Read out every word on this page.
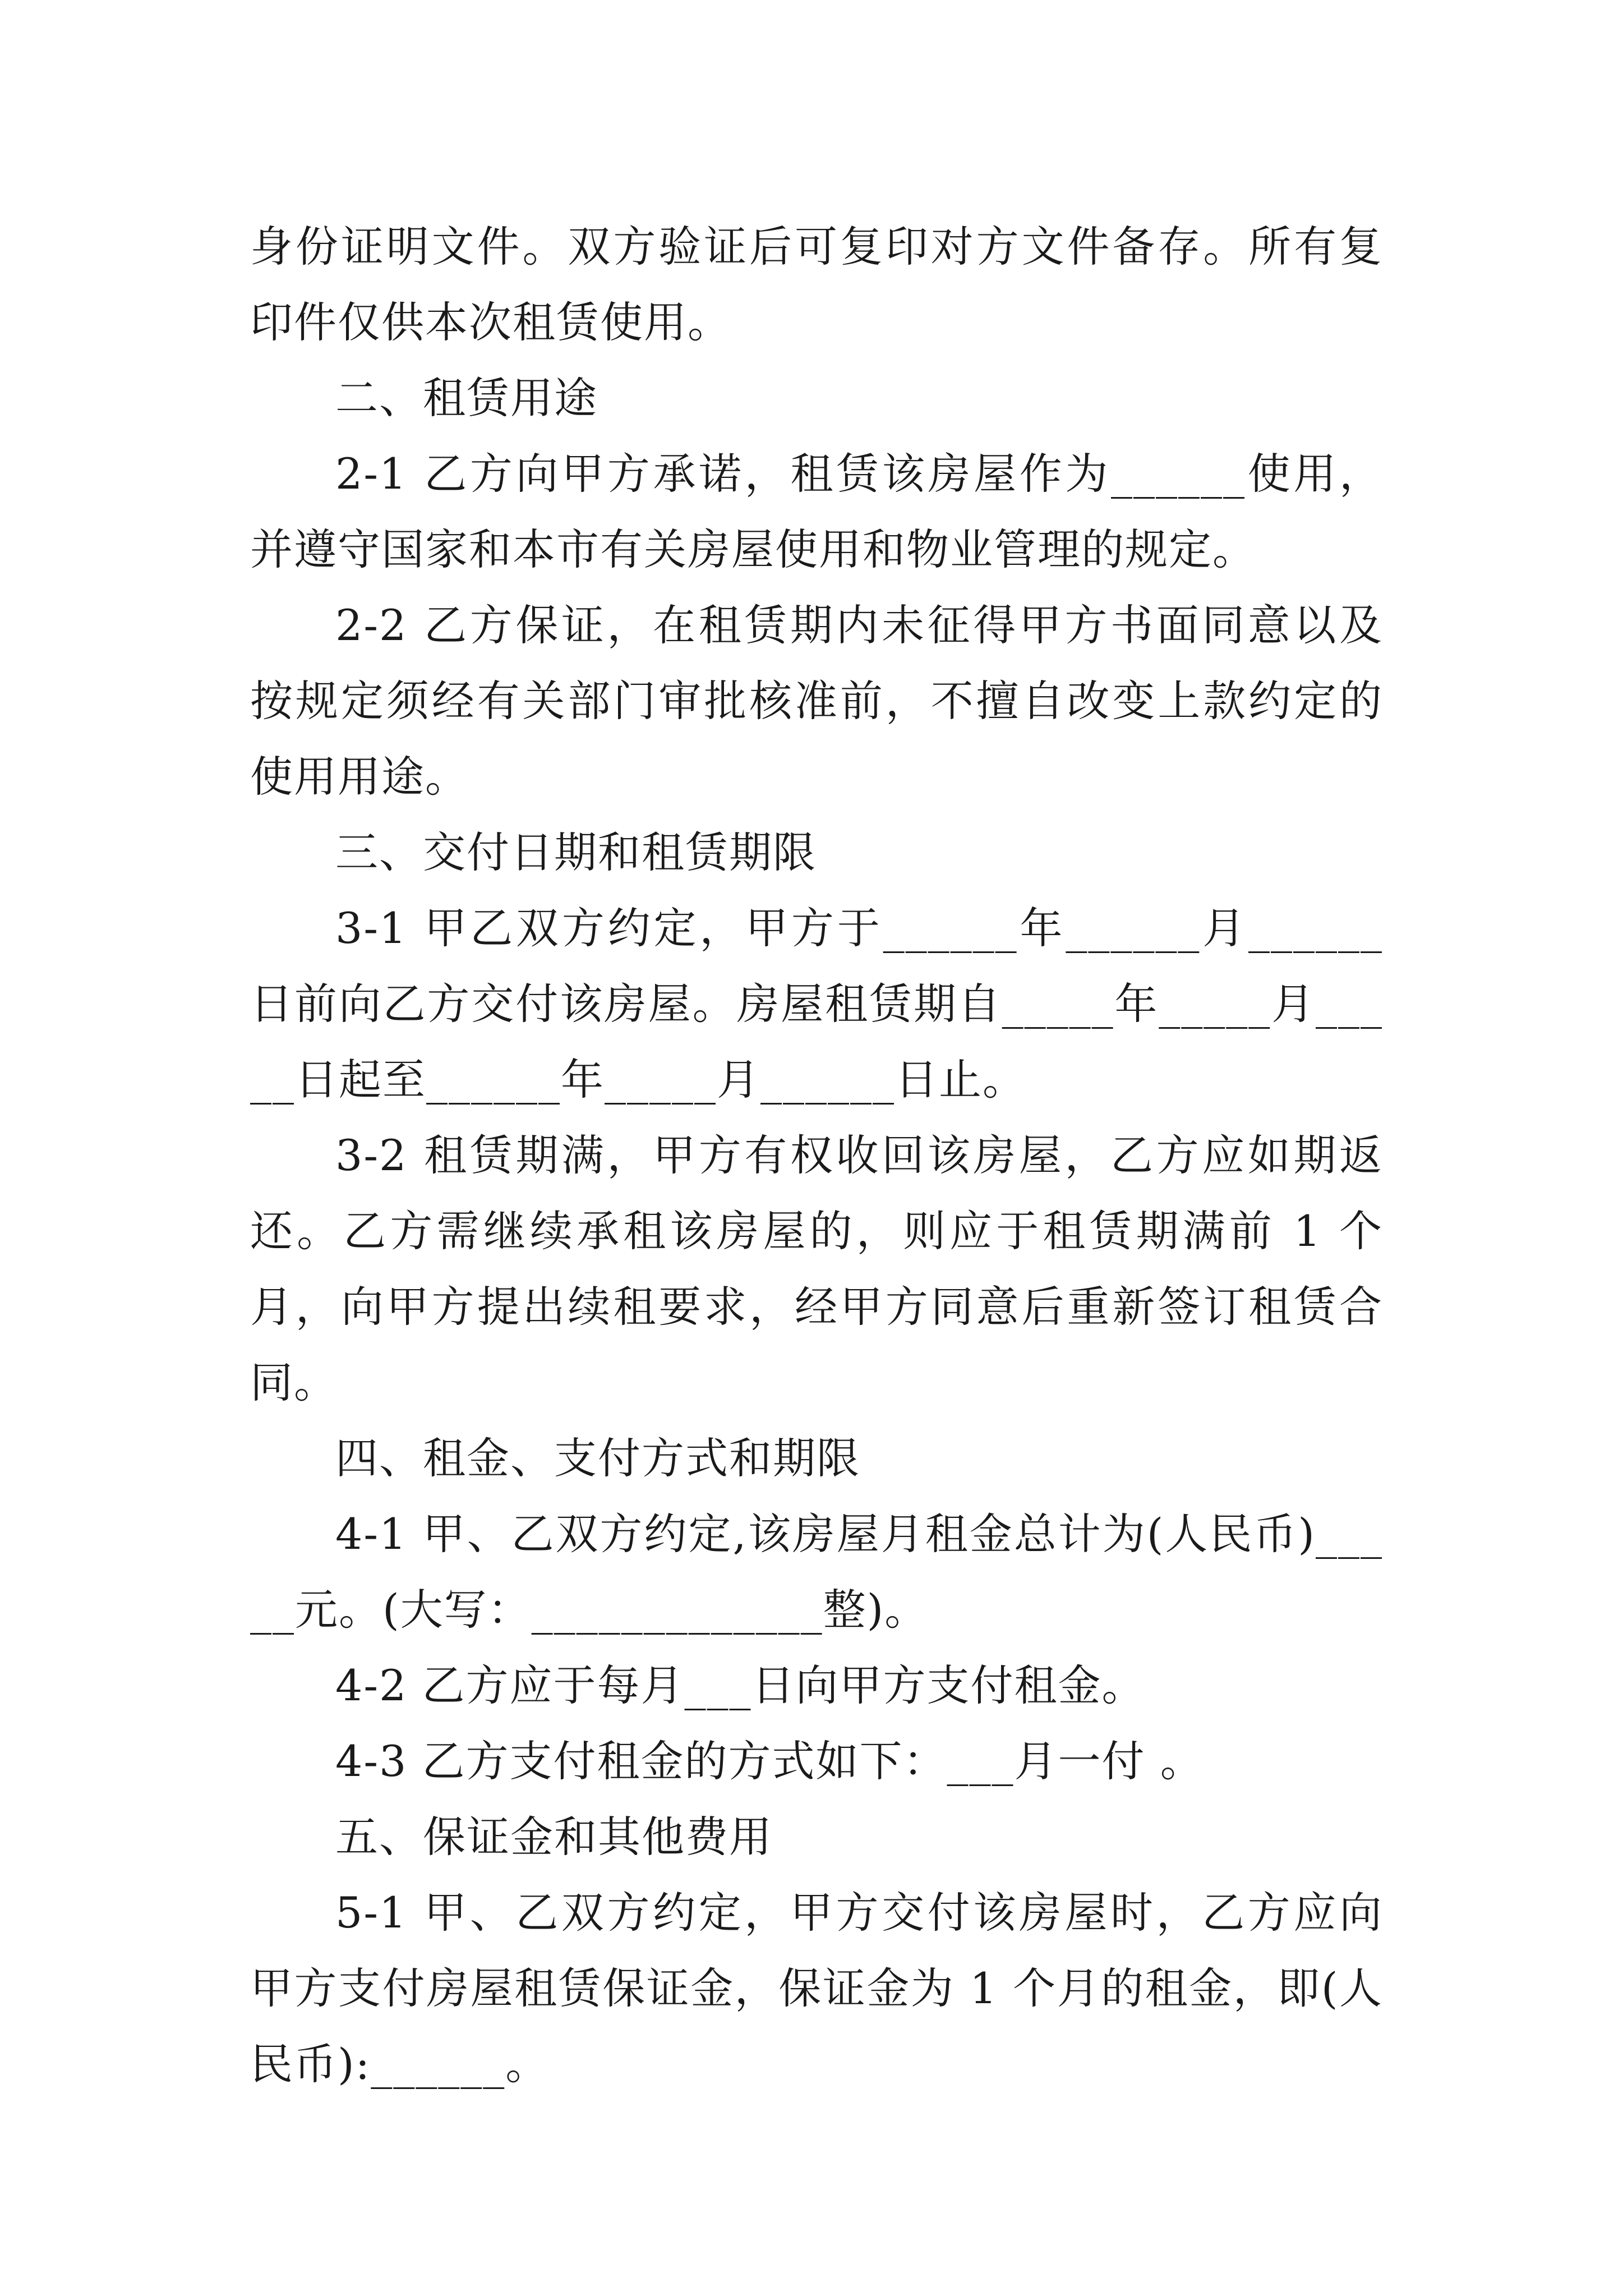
身份证明文件。双方验证后可复印对方文件备存。所有复印件仅供本次租赁使用。

二、租赁用途

2-1 乙方向甲方承诺，租赁该房屋作为______使用，并遵守国家和本市有关房屋使用和物业管理的规定。

2-2 乙方保证，在租赁期内未征得甲方书面同意以及按规定须经有关部门审批核准前，不擅自改变上款约定的使用用途。

三、交付日期和租赁期限

3-1 甲乙双方约定，甲方于______年______月______日前向乙方交付该房屋。房屋租赁期自_____年_____月_____日起至______年_____月______日止。

3-2 租赁期满，甲方有权收回该房屋，乙方应如期返还。乙方需继续承租该房屋的，则应于租赁期满前 1 个月，向甲方提出续租要求，经甲方同意后重新签订租赁合同。

四、租金、支付方式和期限

4-1 甲、乙双方约定,该房屋月租金总计为(人民币)_____元。(大写：_____________整)。

4-2 乙方应于每月___日向甲方支付租金。

4-3 乙方支付租金的方式如下：___月一付 。

五、保证金和其他费用

5-1 甲、乙双方约定，甲方交付该房屋时，乙方应向甲方支付房屋租赁保证金，保证金为 1 个月的租金，即(人民币):______。
